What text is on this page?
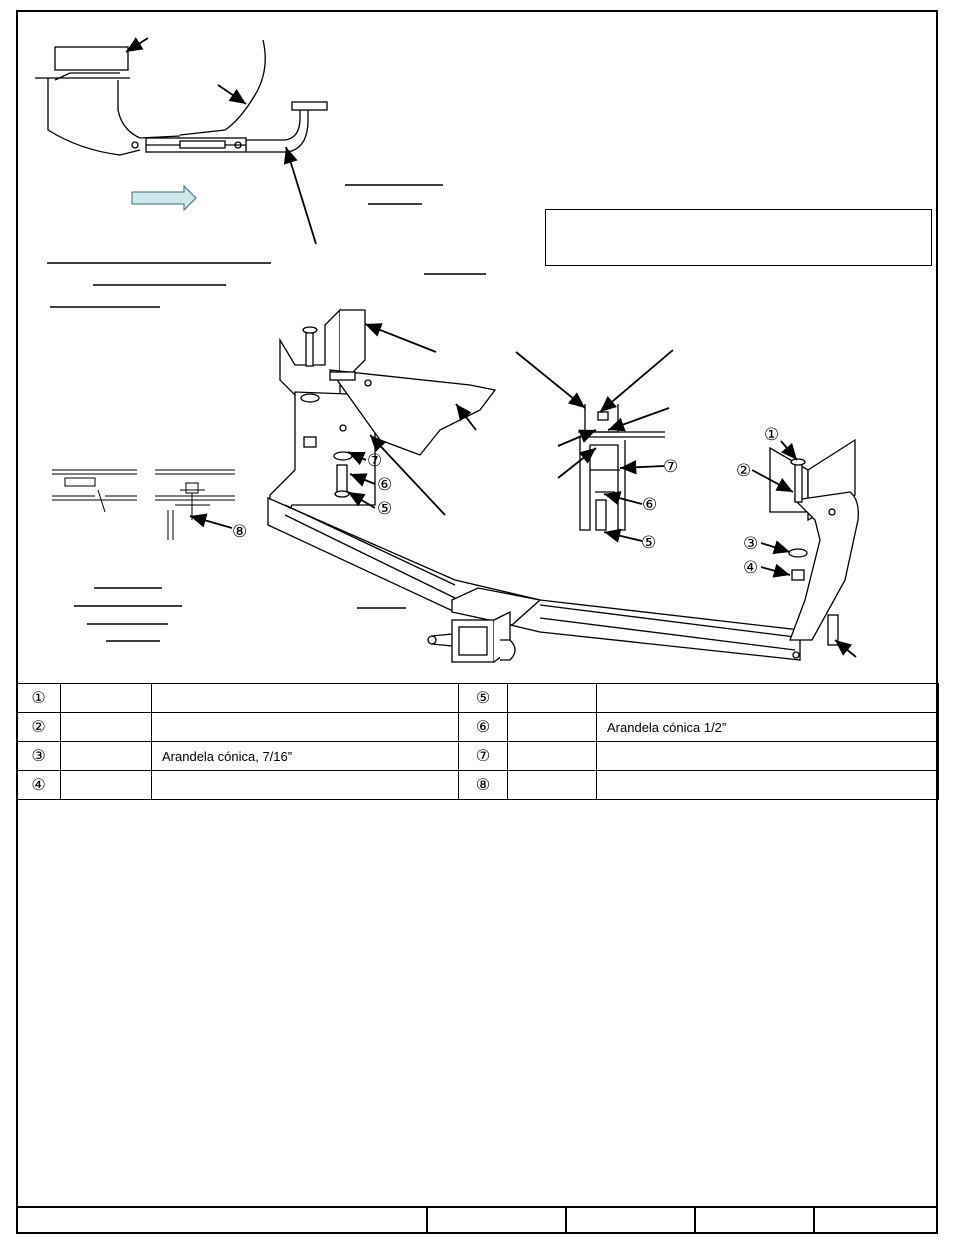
⑧
⑦
⑥
⑤
⑦
⑥
⑤
①
②
③
④
①			⑤		
②			⑥		Arandela cónica 1/2”
③		Arandela cónica, 7/16”	⑦		
④			⑧		
